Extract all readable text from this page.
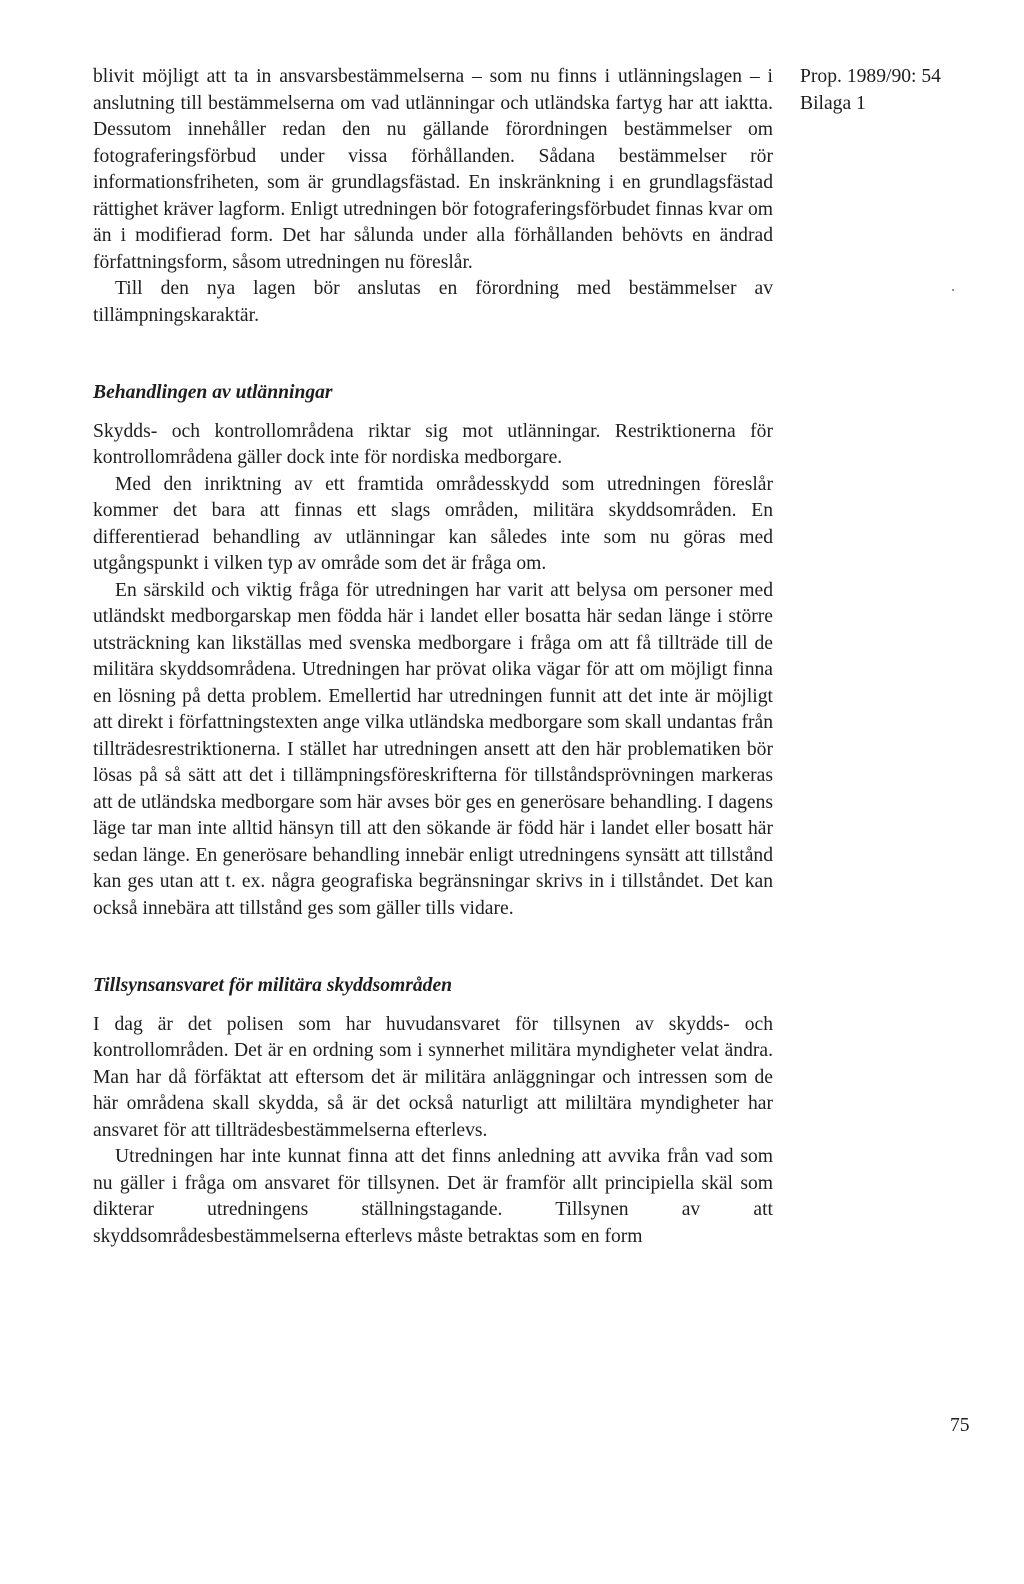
Prop. 1989/90: 54
Bilaga 1

blivit möjligt att ta in ansvarsbestämmelserna – som nu finns i utlänningslagen – i anslutning till bestämmelserna om vad utlänningar och utländska fartyg har att iaktta. Dessutom innehåller redan den nu gällande förordningen bestämmelser om fotograferingsförbud under vissa förhållanden. Sådana bestämmelser rör informationsfriheten, som är grundlagsfästad. En inskränkning i en grundlagsfästad rättighet kräver lagform. Enligt utredningen bör fotograferingsförbudet finnas kvar om än i modifierad form. Det har sålunda under alla förhållanden behövts en ändrad författningsform, såsom utredningen nu föreslår.

Till den nya lagen bör anslutas en förordning med bestämmelser av tillämpningskaraktär.

Behandlingen av utlänningar

Skydds- och kontrollområdena riktar sig mot utlänningar. Restriktionerna för kontrollområdena gäller dock inte för nordiska medborgare.

Med den inriktning av ett framtida områdesskydd som utredningen föreslår kommer det bara att finnas ett slags områden, militära skyddsområden. En differentierad behandling av utlänningar kan således inte som nu göras med utgångspunkt i vilken typ av område som det är fråga om.

En särskild och viktig fråga för utredningen har varit att belysa om personer med utländskt medborgarskap men födda här i landet eller bosatta här sedan länge i större utsträckning kan likställas med svenska medborgare i fråga om att få tillträde till de militära skyddsområdena. Utredningen har prövat olika vägar för att om möjligt finna en lösning på detta problem. Emellertid har utredningen funnit att det inte är möjligt att direkt i författningstexten ange vilka utländska medborgare som skall undantas från tillträdesrestriktionerna. I stället har utredningen ansett att den här problematiken bör lösas på så sätt att det i tillämpningsföreskrifterna för tillståndsprövningen markeras att de utländska medborgare som här avses bör ges en generösare behandling. I dagens läge tar man inte alltid hänsyn till att den sökande är född här i landet eller bosatt här sedan länge. En generösare behandling innebär enligt utredningens synsätt att tillstånd kan ges utan att t. ex. några geografiska begränsningar skrivs in i tillståndet. Det kan också innebära att tillstånd ges som gäller tills vidare.

Tillsynsansvaret för militära skyddsområden

I dag är det polisen som har huvudansvaret för tillsynen av skydds- och kontrollområden. Det är en ordning som i synnerhet militära myndigheter velat ändra. Man har då förfäktat att eftersom det är militära anläggningar och intressen som de här områdena skall skydda, så är det också naturligt att mililtära myndigheter har ansvaret för att tillträdesbestämmelserna efterlevs.

Utredningen har inte kunnat finna att det finns anledning att avvika från vad som nu gäller i fråga om ansvaret för tillsynen. Det är framför allt principiella skäl som dikterar utredningens ställningstagande. Tillsynen av att skyddsområdesbestämmelserna efterlevs måste betraktas som en form

75
